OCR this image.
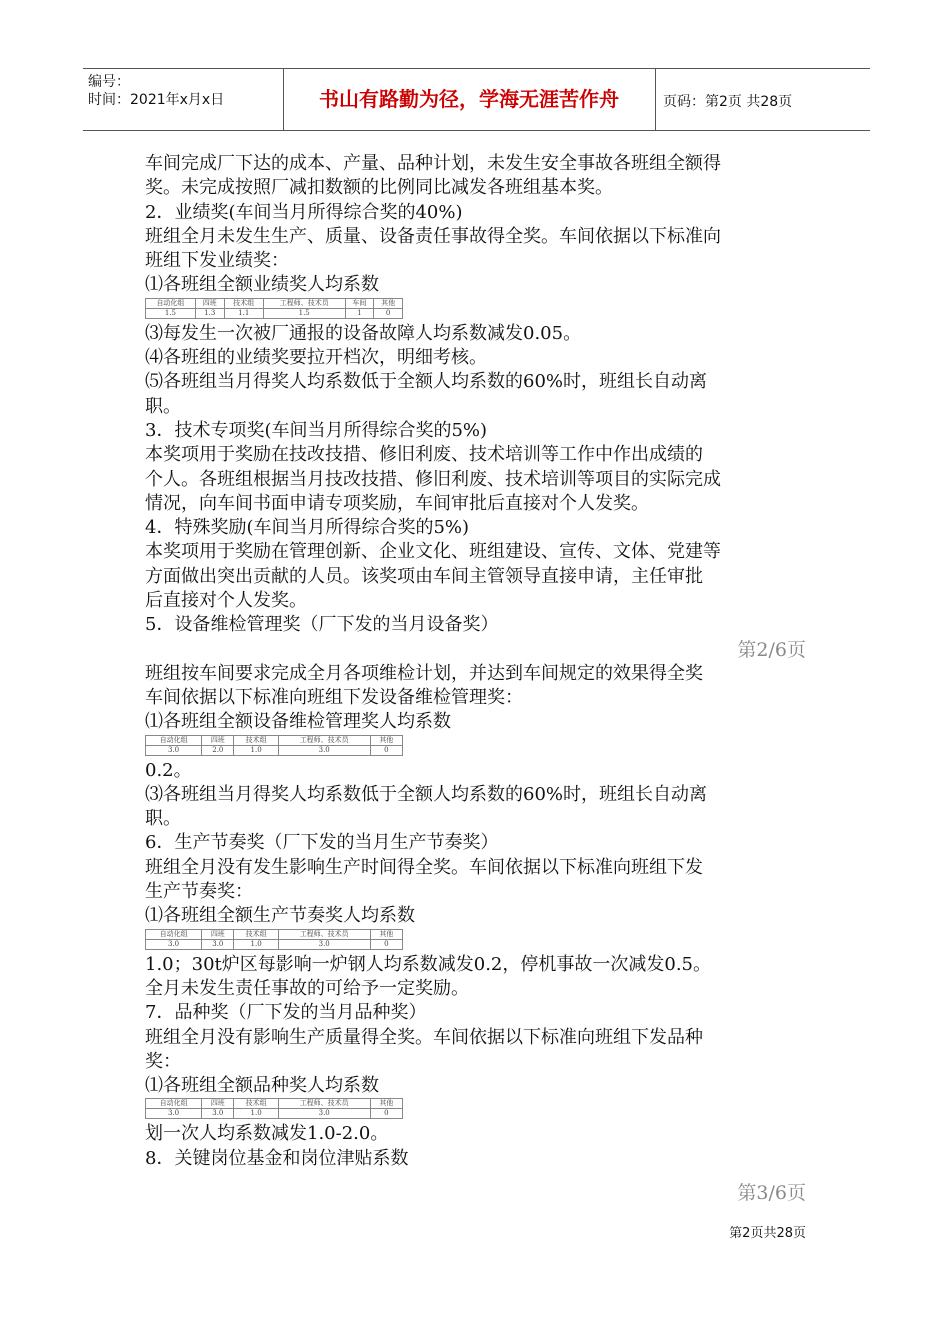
编号：
时间：2021年x月x日	书山有路勤为径，学海无涯苦作舟	页码：第2页 共28页

车间完成厂下达的成本、产量、品种计划，未发生安全事故各班组全额得

奖。未完成按照厂减扣数额的比例同比减发各班组基本奖。

2．业绩奖(车间当月所得综合奖的40%)

班组全月未发生生产、质量、设备责任事故得全奖。车间依据以下标准向

班组下发业绩奖：

⑴各班组全额业绩奖人均系数

自动化组	四班	技术组	工程师、技术员	车间	其他
1.5	1.3	1.1	1.5	1	0

⑶每发生一次被厂通报的设备故障人均系数减发0.05。

⑷各班组的业绩奖要拉开档次，明细考核。

⑸各班组当月得奖人均系数低于全额人均系数的60%时，班组长自动离

职。

3．技术专项奖(车间当月所得综合奖的5%)

本奖项用于奖励在技改技措、修旧利废、技术培训等工作中作出成绩的

个人。各班组根据当月技改技措、修旧利废、技术培训等项目的实际完成

情况，向车间书面申请专项奖励，车间审批后直接对个人发奖。

4．特殊奖励(车间当月所得综合奖的5%)

本奖项用于奖励在管理创新、企业文化、班组建设、宣传、文体、党建等

方面做出突出贡献的人员。该奖项由车间主管领导直接申请，主任审批

后直接对个人发奖。

5．设备维检管理奖（厂下发的当月设备奖）

第2/6页

班组按车间要求完成全月各项维检计划，并达到车间规定的效果得全奖

车间依据以下标准向班组下发设备维检管理奖：

⑴各班组全额设备维检管理奖人均系数

自动化组	四班	技术组	工程师、技术员	其他
3.0	2.0	1.0	3.0	0

0.2。

⑶各班组当月得奖人均系数低于全额人均系数的60%时，班组长自动离

职。

6．生产节奏奖（厂下发的当月生产节奏奖）

班组全月没有发生影响生产时间得全奖。车间依据以下标准向班组下发

生产节奏奖：

⑴各班组全额生产节奏奖人均系数

自动化组	四班	技术组	工程师、技术员	其他
3.0	3.0	1.0	3.0	0

1.0；30t炉区每影响一炉钢人均系数减发0.2，停机事故一次减发0.5。

全月未发生责任事故的可给予一定奖励。

7．品种奖（厂下发的当月品种奖）

班组全月没有影响生产质量得全奖。车间依据以下标准向班组下发品种

奖：

⑴各班组全额品种奖人均系数

自动化组	四班	技术组	工程师、技术员	其他
3.0	3.0	1.0	3.0	0

划一次人均系数减发1.0-2.0。

8．关键岗位基金和岗位津贴系数

第3/6页
第2页共28页
